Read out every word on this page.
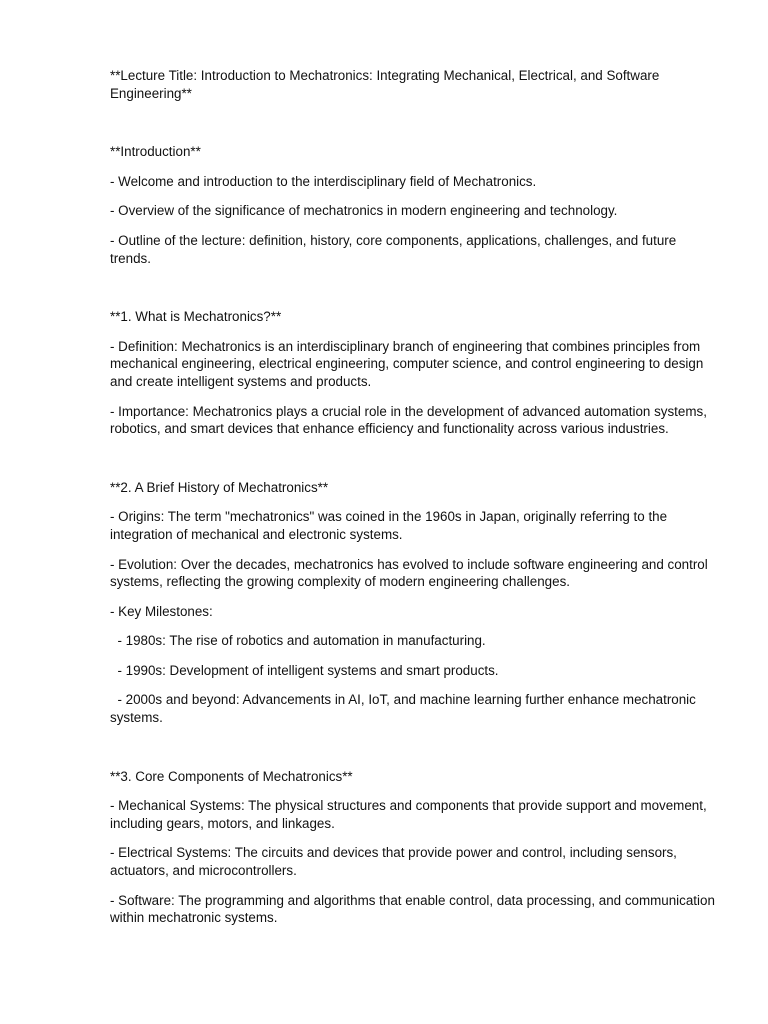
**Lecture Title: Introduction to Mechatronics: Integrating Mechanical, Electrical, and Software Engineering**

**Introduction**

- Welcome and introduction to the interdisciplinary field of Mechatronics.

- Overview of the significance of mechatronics in modern engineering and technology.

- Outline of the lecture: definition, history, core components, applications, challenges, and future trends.

**1. What is Mechatronics?**

- Definition: Mechatronics is an interdisciplinary branch of engineering that combines principles from mechanical engineering, electrical engineering, computer science, and control engineering to design and create intelligent systems and products.

- Importance: Mechatronics plays a crucial role in the development of advanced automation systems, robotics, and smart devices that enhance efficiency and functionality across various industries.

**2. A Brief History of Mechatronics**

- Origins: The term "mechatronics" was coined in the 1960s in Japan, originally referring to the integration of mechanical and electronic systems.

- Evolution: Over the decades, mechatronics has evolved to include software engineering and control systems, reflecting the growing complexity of modern engineering challenges.

- Key Milestones:

- 1980s: The rise of robotics and automation in manufacturing.

- 1990s: Development of intelligent systems and smart products.

- 2000s and beyond: Advancements in AI, IoT, and machine learning further enhance mechatronic systems.

**3. Core Components of Mechatronics**

- Mechanical Systems: The physical structures and components that provide support and movement, including gears, motors, and linkages.

- Electrical Systems: The circuits and devices that provide power and control, including sensors, actuators, and microcontrollers.

- Software: The programming and algorithms that enable control, data processing, and communication within mechatronic systems.
